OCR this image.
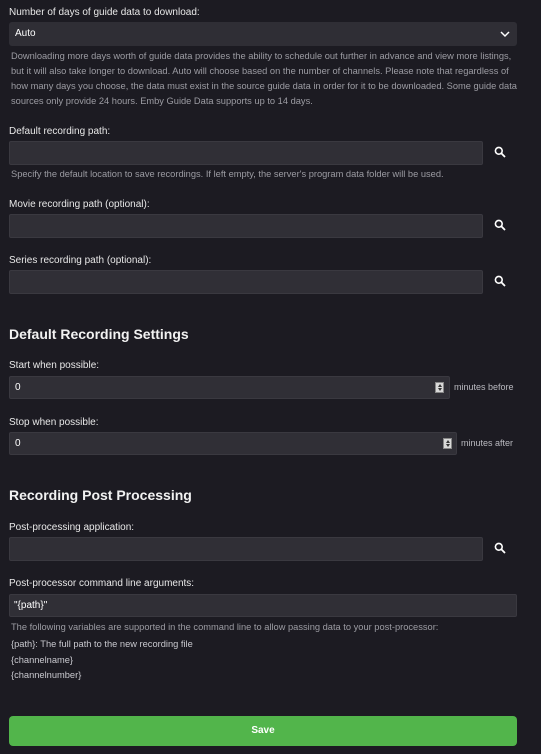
Number of days of guide data to download:
Auto
Downloading more days worth of guide data provides the ability to schedule out further in advance and view more listings, but it will also take longer to download. Auto will choose based on the number of channels. Please note that regardless of how many days you choose, the data must exist in the source guide data in order for it to be downloaded. Some guide data sources only provide 24 hours. Emby Guide Data supports up to 14 days.
Default recording path:
Specify the default location to save recordings. If left empty, the server's program data folder will be used.
Movie recording path (optional):
Series recording path (optional):
Default Recording Settings
Start when possible:
0	minutes before
Stop when possible:
0	minutes after
Recording Post Processing
Post-processing application:
Post-processor command line arguments:
"{path}"
The following variables are supported in the command line to allow passing data to your post-processor:
{path}: The full path to the new recording file
{channelname}
{channelnumber}
Save
